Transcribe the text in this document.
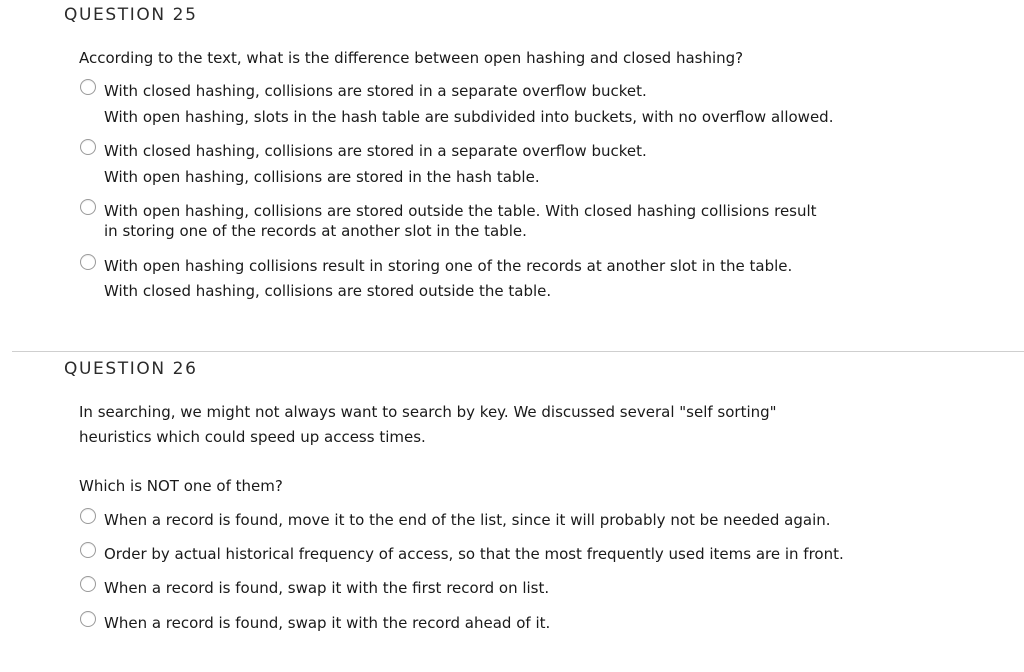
QUESTION 25
According to the text, what is the difference between open hashing and closed hashing?
With closed hashing, collisions are stored in a separate overflow bucket.
With open hashing, slots in the hash table are subdivided into buckets, with no overflow allowed.
With closed hashing, collisions are stored in a separate overflow bucket.
With open hashing, collisions are stored in the hash table.
With open hashing, collisions are stored outside the table. With closed hashing collisions result
in storing one of the records at another slot in the table.
With open hashing collisions result in storing one of the records at another slot in the table.
With closed hashing, collisions are stored outside the table.
QUESTION 26
In searching, we might not always want to search by key. We discussed several "self sorting"
heuristics which could speed up access times.
Which is NOT one of them?
When a record is found, move it to the end of the list, since it will probably not be needed again.
Order by actual historical frequency of access, so that the most frequently used items are in front.
When a record is found, swap it with the first record on list.
When a record is found, swap it with the record ahead of it.
